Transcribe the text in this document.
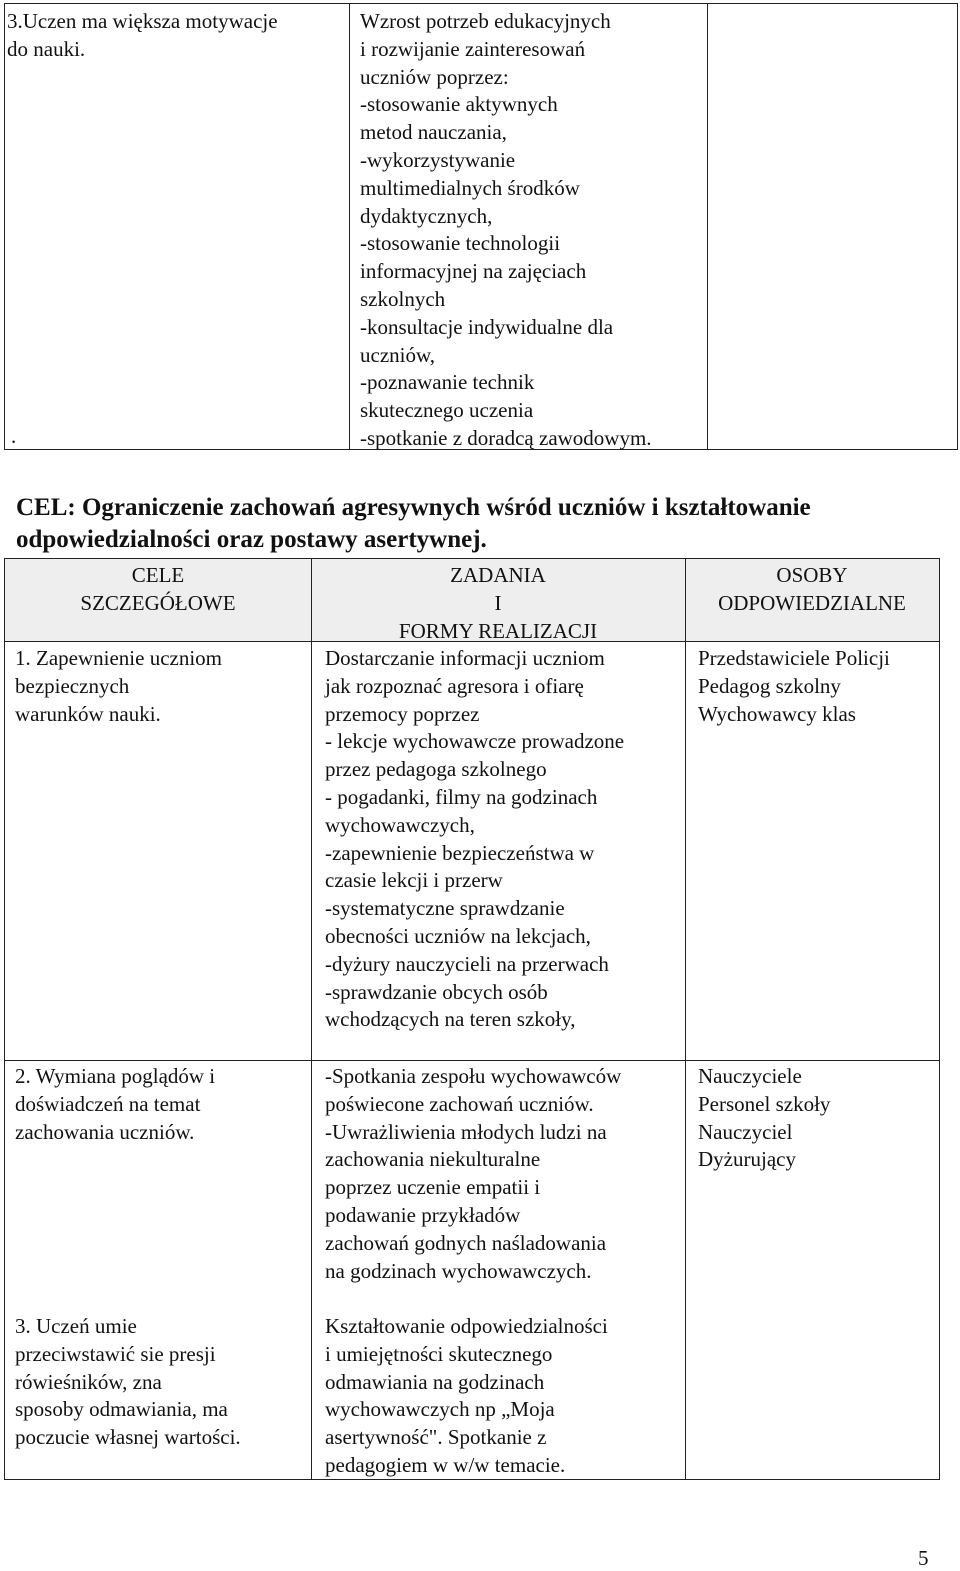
3.Uczen ma większa motywacje
do nauki.
.
Wzrost potrzeb edukacyjnych
i rozwijanie zainteresowań
uczniów poprzez:
-stosowanie aktywnych
metod nauczania,
-wykorzystywanie
multimedialnych środków
dydaktycznych,
-stosowanie technologii
informacyjnej na zajęciach
szkolnych
-konsultacje indywidualne dla
uczniów,
-poznawanie technik
skutecznego uczenia
-spotkanie z doradcą zawodowym.
CEL: Ograniczenie zachowań agresywnych wśród uczniów i kształtowanie odpowiedzialności oraz postawy asertywnej.
CELE
SZCZEGÓŁOWE
ZADANIA
I
FORMY REALIZACJI
OSOBY
ODPOWIEDZIALNE
1. Zapewnienie uczniom
bezpiecznych
warunków nauki.
Dostarczanie informacji uczniom
jak rozpoznać agresora i ofiarę
przemocy poprzez
- lekcje wychowawcze prowadzone
przez pedagoga szkolnego
- pogadanki, filmy na godzinach
wychowawczych,
-zapewnienie bezpieczeństwa w
czasie lekcji i przerw
-systematyczne sprawdzanie
obecności uczniów na lekcjach,
-dyżury nauczycieli na przerwach
-sprawdzanie obcych osób
wchodzących na teren szkoły,
Przedstawiciele Policji
Pedagog szkolny
Wychowawcy klas
2. Wymiana poglądów i
doświadczeń na temat
zachowania uczniów.
-Spotkania zespołu wychowawców
poświecone zachowań uczniów.
-Uwrażliwienia młodych ludzi na
zachowania niekulturalne
poprzez uczenie empatii i
podawanie przykładów
zachowań godnych naśladowania
na godzinach wychowawczych.
Nauczyciele
Personel szkoły
Nauczyciel
Dyżurujący
3. Uczeń umie
przeciwstawić sie presji
rówieśników, zna
sposoby odmawiania, ma
poczucie własnej wartości.
Kształtowanie odpowiedzialności
i umiejętności skutecznego
odmawiania na godzinach
wychowawczych np „Moja
asertywność". Spotkanie z
pedagogiem w w/w temacie.
5
